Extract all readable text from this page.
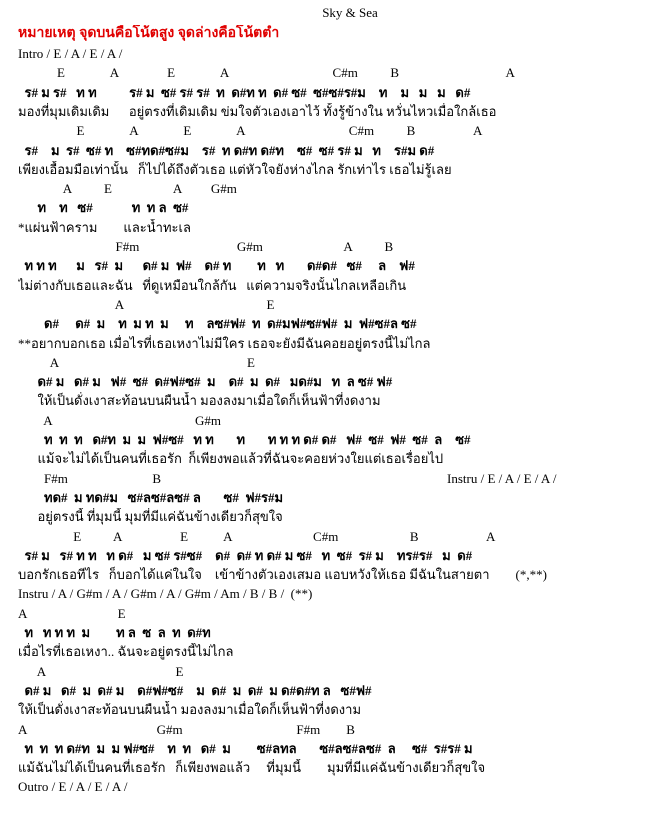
Sky & Sea
หมายเหตุ จุดบนคือโน้ตสูง จุดล่างคือโน้ตต่ำ
Intro / E / A / E / A /
E              A               E              A                                C#m          B                                 A
ร# ม ร#   ท ท          ร# ม  ซ# ร# ร#  ท  ด#ท ท  ด# ซ#  ซ#ซ#ร#ม    ท    ม   ม   ม   ด#
มองที่มุมเดิมเดิม      อยู่ตรงที่เดิมเดิม ข่มใจตัวเองเอาไว้ ทั้งรู้ข้างใน หวั่นไหวเมื่อใกล้เธอ
E              A              E              A                                C#m          B                  A
ร#    ม  ร#  ซ# ท    ซ#ทด#ซ#ม    ร#  ท ด#ท ด#ท    ซ#  ซ# ร# ม   ท    ร#ม ด#
เพียงเอื้อมมือเท่านั้น   ก็ไปได้ถึงตัวเธอ แต่หัวใจยังห่างไกล รักเท่าไร เธอไม่รู้เลย
A          E                   A         G#m
ท    ท   ซ#            ท  ท ล  ซ#
*แผ่นฟ้าคราม        และน้ำทะเล
F#m                              G#m                         A          B
ท ท ท      ม   ร#  ม      ด# ม  ฟ#    ด# ท        ท   ท       ด#ด#   ซ#     ล    ฟ#
ไม่ต่างกับเธอและฉัน   ที่ดูเหมือนใกล้กัน   แต่ความจริงนั้นไกลเหลือเกิน
A                                            E
ด#     ด#  ม    ท  ม ท  ม     ท    ลซ#ฟ#  ท  ด#มฟ#ซ#ฟ#  ม  ฟ#ซ#ล ซ#
**อยากบอกเธอ เมื่อไรที่เธอเหงาไม่มีใคร เธอจะยังมีฉันคอยอยู่ตรงนี้ไม่ไกล
A                                                          E
ด# ม   ด# ม   ฟ#  ซ#  ด#ฟ#ซ#  ม    ด#  ม  ด#   มด#ม   ท  ล ซ# ฟ#
ให้เป็นดั่งเงาสะท้อนบนผืนน้ำ มองลงมาเมื่อใดก็เห็นฟ้าที่งดงาม
A                                            G#m
ท  ท  ท   ด#ท  ม  ม  ฟ#ซ#   ท ท       ท       ท ท ท ด# ด#   ฟ#  ซ#  ฟ#  ซ#  ล    ซ#
แม้จะไม่ได้เป็นคนที่เธอรัก  ก็เพียงพอแล้วที่ฉันจะคอยห่วงใยแต่เธอเรื่อยไป
F#m                          B                                                                                        Instru / E / A / E / A /
ทด#  ม ทด#ม   ซ#ลซ#ลซ# ล       ซ#  ฟ#ร#ม
อยู่ตรงนี้ ที่มุมนี้ มุมที่มีแค่ฉันข้างเดียวก็สุขใจ
E          A                  E           A                         C#m                      B                     A
ร# ม   ร# ท ท   ท ด#   ม ซ# ร#ซ#    ด#  ด# ท ด# ม ซ#   ท  ซ#  ร# ม    ทร#ร#   ม  ด#
บอกรักเธอทีไร   ก็บอกได้แค่ในใจ    เข้าข้างตัวเองเสมอ แอบหวังให้เธอ มีฉันในสายตา        (*,**)
Instru / A / G#m / A / G#m / A / G#m / Am / B / B /  (**)
A                            E
ท   ท ท ท  ม        ท ล  ซ  ล  ท  ด#ท
เมื่อไรที่เธอเหงา.. ฉันจะอยู่ตรงนี้ไม่ไกล
A                                        E
ด# ม   ด#  ม  ด# ม    ด#ฟ#ซ#    ม  ด#  ม  ด#  ม ด#ด#ท ล   ซ#ฟ#
ให้เป็นดั่งเงาสะท้อนบนผืนน้ำ มองลงมาเมื่อใดก็เห็นฟ้าที่งดงาม
A                                        G#m                                   F#m        B
ท  ท  ท ด#ท  ม  ม ฟ#ซ#    ท  ท   ด#  ม        ซ#ลทล       ซ#ลซ#ลซ#  ล     ซ#  ร#ร# ม
แม้ฉันไม่ได้เป็นคนที่เธอรัก   ก็เพียงพอแล้ว     ที่มุมนี้        มุมที่มีแค่ฉันข้างเดียวก็สุขใจ
Outro / E / A / E / A /
